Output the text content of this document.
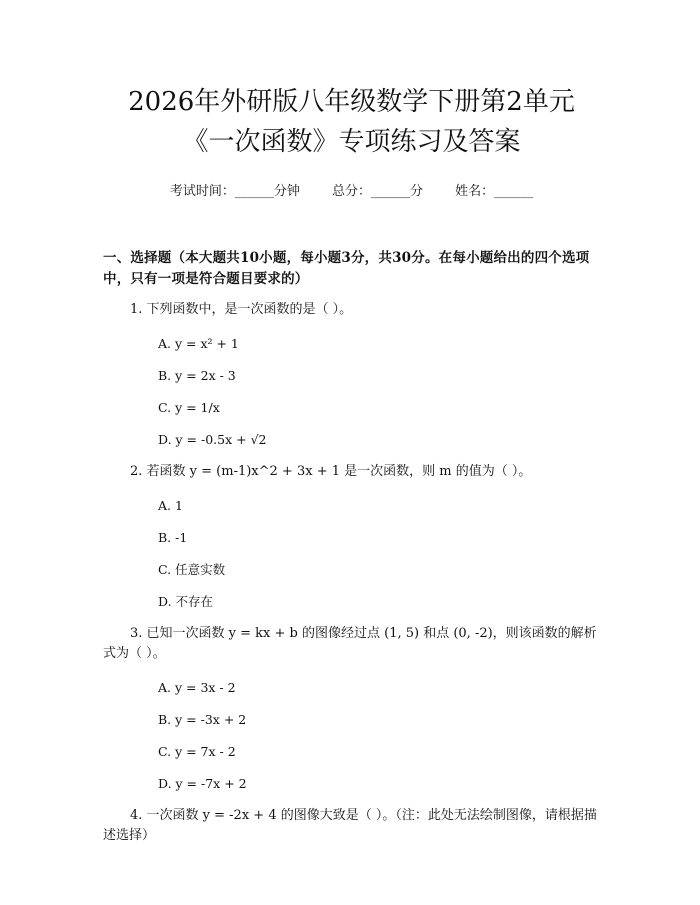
2026年外研版八年级数学下册第2单元《一次函数》专项练习及答案
考试时间：______分钟 总分：______分 姓名：______
一、选择题（本大题共10小题，每小题3分，共30分。在每小题给出的四个选项中，只有一项是符合题目要求的）
1. 下列函数中，是一次函数的是（ ）。
A. y = x² + 1
B. y = 2x - 3
C. y = 1/x
D. y = -0.5x + √2
2. 若函数 y = (m-1)x^2 + 3x + 1 是一次函数，则 m 的值为（ ）。
A. 1
B. -1
C. 任意实数
D. 不存在
3. 已知一次函数 y = kx + b 的图像经过点 (1, 5) 和点 (0, -2)，则该函数的解析式为（ ）。
A. y = 3x - 2
B. y = -3x + 2
C. y = 7x - 2
D. y = -7x + 2
4. 一次函数 y = -2x + 4 的图像大致是（ ）。（注：此处无法绘制图像，请根据描述选择）
